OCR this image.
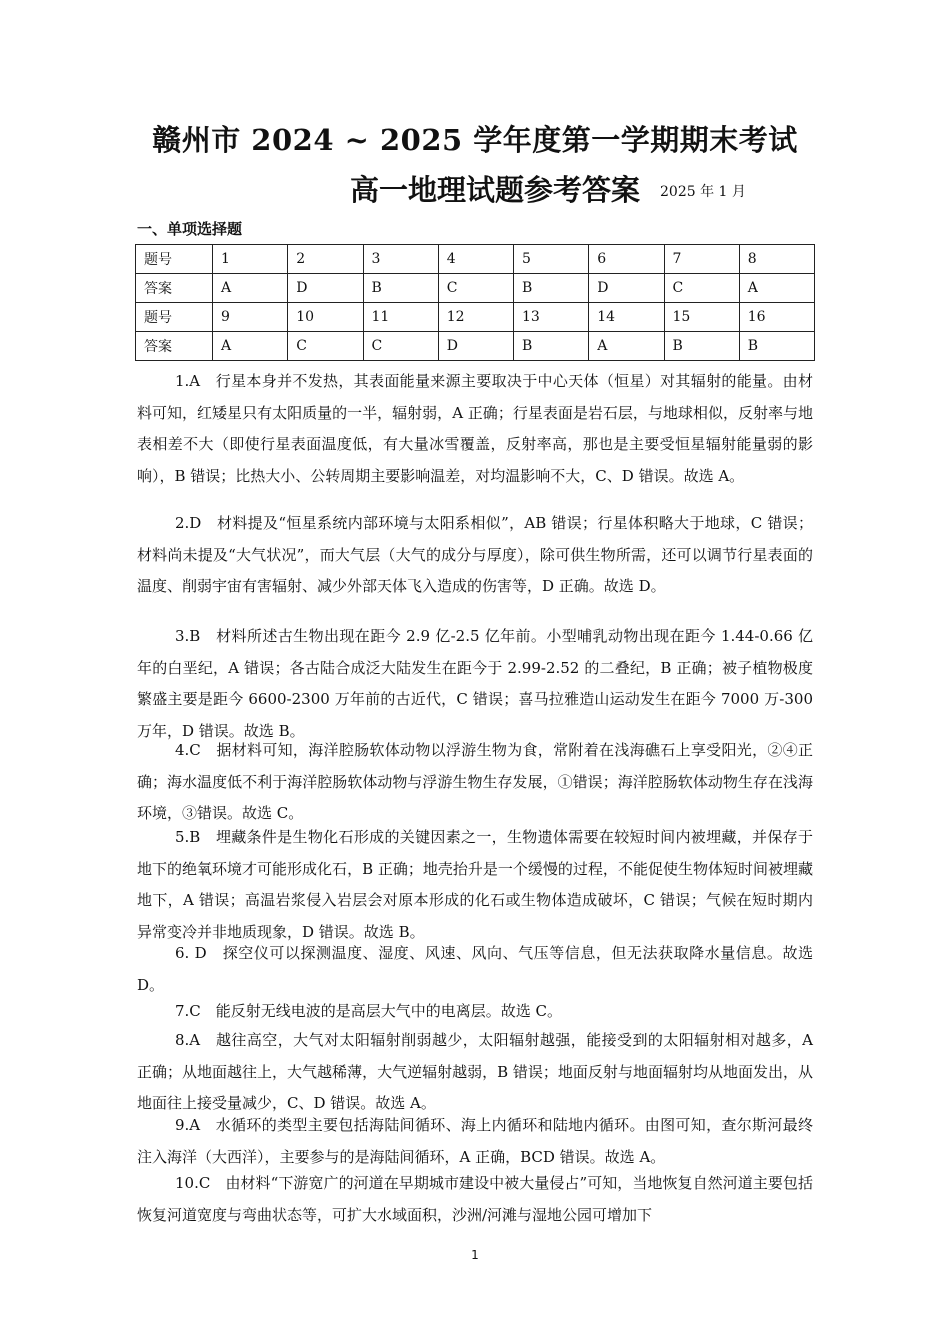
赣州市 2024 ~ 2025 学年度第一学期期末考试
高一地理试题参考答案 2025 年 1 月
一、单项选择题
题号	1	2	3	4	5	6	7	8
答案	A	D	B	C	B	D	C	A
题号	9	10	11	12	13	14	15	16
答案	A	C	C	D	B	A	B	B

1.A　行星本身并不发热，其表面能量来源主要取决于中心天体（恒星）对其辐射的能量。由材料可知，红矮星只有太阳质量的一半，辐射弱，A 正确；行星表面是岩石层，与地球相似，反射率与地表相差不大（即使行星表面温度低，有大量冰雪覆盖，反射率高，那也是主要受恒星辐射能量弱的影响），B 错误；比热大小、公转周期主要影响温差，对均温影响不大，C、D 错误。故选 A。

2.D　材料提及“恒星系统内部环境与太阳系相似”，AB 错误；行星体积略大于地球，C 错误；材料尚未提及“大气状况”，而大气层（大气的成分与厚度），除可供生物所需，还可以调节行星表面的温度、削弱宇宙有害辐射、减少外部天体飞入造成的伤害等，D 正确。故选 D。

3.B　材料所述古生物出现在距今 2.9 亿-2.5 亿年前。小型哺乳动物出现在距今 1.44-0.66 亿年的白垩纪，A 错误；各古陆合成泛大陆发生在距今于 2.99-2.52 的二叠纪，B 正确；被子植物极度繁盛主要是距今 6600-2300 万年前的古近代，C 错误；喜马拉雅造山运动发生在距今 7000 万-300 万年，D 错误。故选 B。

4.C　据材料可知，海洋腔肠软体动物以浮游生物为食，常附着在浅海礁石上享受阳光，②④正确；海水温度低不利于海洋腔肠软体动物与浮游生物生存发展，①错误；海洋腔肠软体动物生存在浅海环境，③错误。故选 C。

5.B　埋藏条件是生物化石形成的关键因素之一，生物遗体需要在较短时间内被埋藏，并保存于地下的绝氧环境才可能形成化石，B 正确；地壳抬升是一个缓慢的过程，不能促使生物体短时间被埋藏地下，A 错误；高温岩浆侵入岩层会对原本形成的化石或生物体造成破坏，C 错误；气候在短时期内异常变冷并非地质现象，D 错误。故选 B。

6. D　探空仪可以探测温度、湿度、风速、风向、气压等信息，但无法获取降水量信息。故选 D。

7.C　能反射无线电波的是高层大气中的电离层。故选 C。

8.A　越往高空，大气对太阳辐射削弱越少，太阳辐射越强，能接受到的太阳辐射相对越多，A 正确；从地面越往上，大气越稀薄，大气逆辐射越弱，B 错误；地面反射与地面辐射均从地面发出，从地面往上接受量减少，C、D 错误。故选 A。

9.A　水循环的类型主要包括海陆间循环、海上内循环和陆地内循环。由图可知，查尔斯河最终注入海洋（大西洋），主要参与的是海陆间循环，A 正确，BCD 错误。故选 A。

10.C　由材料“下游宽广的河道在早期城市建设中被大量侵占”可知，当地恢复自然河道主要包括恢复河道宽度与弯曲状态等，可扩大水域面积，沙洲/河滩与湿地公园可增加下

1
